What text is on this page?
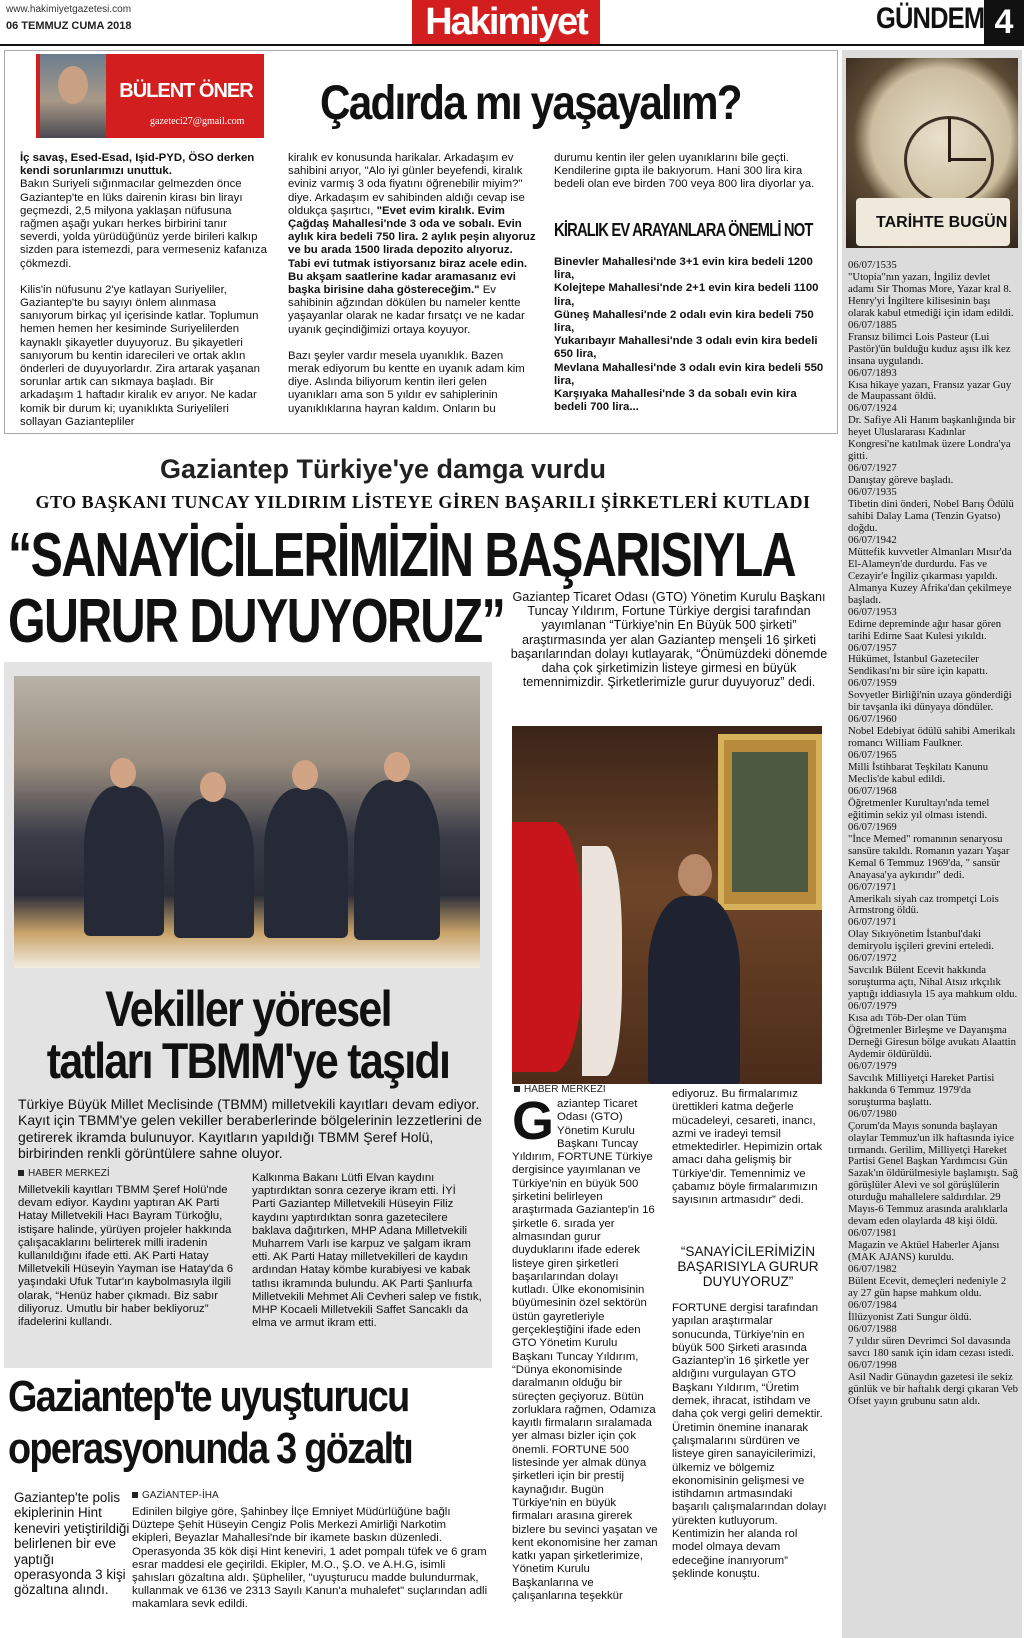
www.hakimiyetgazetesi.com
06 TEMMUZ CUMA 2018	Hakimiyet	GÜNDEM 4
BÜLENT ÖNER
gazeteci27@gmail.com Çadırda mı yaşayalım?

İç savaş, Esed-Esad, Işid-PYD, ÖSO derken kendi sorunlarımızı unuttuk.

Bakın Suriyeli sığınmacılar gelmezden önce Gaziantep'te en lüks dairenin kirası bin lirayı geçmezdi, 2,5 milyona yaklaşan nüfusuna rağmen aşağı yukarı herkes birbirini tanır severdi, yolda yürüdüğünüz yerde birileri kalkıp sizden para istemezdi, para vermeseniz kafanıza çökmezdi.

Kilis'in nüfusunu 2'ye katlayan Suriyeliler, Gaziantep'te bu sayıyı önlem alınmasa sanıyorum birkaç yıl içerisinde katlar. Toplumun hemen hemen her kesiminde Suriyelilerden kaynaklı şikayetler duyuyoruz. Bu şikayetleri sanıyorum bu kentin idarecileri ve ortak aklın önderleri de duyuyorlardır. Zira artarak yaşanan sorunlar artık can sıkmaya başladı. Bir arkadaşım 1 haftadır kiralık ev arıyor. Ne kadar komik bir durum ki; uyanıklıkta Suriyelileri sollayan Gaziantepliler

kiralık ev konusunda harikalar. Arkadaşım ev sahibini arıyor, "Alo iyi günler beyefendi, kiralık eviniz varmış 3 oda fiyatını öğrenebilir miyim?" diye. Arkadaşım ev sahibinden aldığı cevap ise oldukça şaşırtıcı, "Evet evim kiralık. Evim Çağdaş Mahallesi'nde 3 oda ve sobalı. Evin aylık kira bedeli 750 lira. 2 aylık peşin alıyoruz ve bu arada 1500 lirada depozito alıyoruz. Tabi evi tutmak istiyorsanız biraz acele edin. Bu akşam saatlerine kadar aramasanız evi başka birisine daha göstereceğim." Ev sahibinin ağzından dökülen bu nameler kentte yaşayanlar olarak ne kadar fırsatçı ve ne kadar uyanık geçindiğimizi ortaya koyuyor.

Bazı şeyler vardır mesela uyanıklık. Bazen merak ediyorum bu kentte en uyanık adam kim diye. Aslında biliyorum kentin ileri gelen uyanıkları ama son 5 yıldır ev sahiplerinin uyanıklıklarına hayran kaldım. Onların bu

durumu kentin iler gelen uyanıklarını bile geçti. Kendilerine gıpta ile bakıyorum. Hani 300 lira kira bedeli olan eve birden 700 veya 800 lira diyorlar ya.

KİRALIK EV ARAYANLARA ÖNEMLİ NOT
Binevler Mahallesi'nde 3+1 evin kira bedeli 1200 lira,
Kolejtepe Mahallesi'nde 2+1 evin kira bedeli 1100 lira,
Güneş Mahallesi'nde 2 odalı evin kira bedeli 750 lira,
Yukarıbayır Mahallesi'nde 3 odalı evin kira bedeli 650 lira,
Mevlana Mahallesi'nde 3 odalı evin kira bedeli 550 lira,
Karşıyaka Mahallesi'nde 3 da sobalı evin kira bedeli 700 lira...
Gaziantep Türkiye'ye damga vurdu
GTO BAŞKANI TUNCAY YILDIRIM LİSTEYE GİREN BAŞARILI ŞİRKETLERİ KUTLADI
“SANAYİCİLERİMİZİN BAŞARISIYLA
GURUR DUYUYORUZ” Gaziantep Ticaret Odası (GTO) Yönetim Kurulu Başkanı Tuncay Yıldırım, Fortune Türkiye dergisi tarafından yayımlanan “Türkiye'nin En Büyük 500 şirketi” araştırmasında yer alan Gaziantep menşeli 16 şirketi başarılarından dolayı kutlayarak, “Önümüzdeki dönemde daha çok şirketimizin listeye girmesi en büyük temennimizdir. Şirketlerimizle gurur duyuyoruz” dedi.
Vekiller yöresel
tatları TBMM'ye taşıdı
Türkiye Büyük Millet Meclisinde (TBMM) milletvekili kayıtları devam ediyor. Kayıt için TBMM'ye gelen vekiller beraberlerinde bölgelerinin lezzetlerini de getirerek ikramda bulunuyor. Kayıtların yapıldığı TBMM Şeref Holü, birbirinden renkli görüntülere sahne oluyor.
HABER MERKEZİ
Milletvekili kayıtları TBMM Şeref Holü'nde devam ediyor. Kaydını yaptıran AK Parti Hatay Milletvekili Hacı Bayram Türkoğlu, istişare halinde, yürüyen projeler hakkında çalışacaklarını belirterek milli iradenin kullanıldığını ifade etti. AK Parti Hatay Milletvekili Hüseyin Yayman ise Hatay'da 6 yaşındaki Ufuk Tutar'ın kaybolmasıyla ilgili olarak, “Henüz haber çıkmadı. Biz sabır diliyoruz. Umutlu bir haber bekliyoruz” ifadelerini kullandı.
Kalkınma Bakanı Lütfi Elvan kaydını yaptırdıktan sonra cezerye ikram etti. İYİ Parti Gaziantep Milletvekili Hüseyin Filiz kaydını yaptırdıktan sonra gazetecilere baklava dağıtırken, MHP Adana Milletvekili Muharrem Varlı ise karpuz ve şalgam ikram etti. AK Parti Hatay milletvekilleri de kaydın ardından Hatay kömbe kurabiyesi ve kabak tatlısı ikramında bulundu. AK Parti Şanlıurfa Milletvekili Mehmet Ali Cevheri salep ve fıstık, MHP Kocaeli Milletvekili Saffet Sancaklı da elma ve armut ikram etti.
HABER MERKEZİ
Gaziantep Ticaret Odası (GTO) Yönetim Kurulu Başkanı Tuncay Yıldırım, FORTUNE Türkiye dergisince yayımlanan ve Türkiye'nin en büyük 500 şirketini belirleyen araştırmada Gaziantep'in 16 şirketle 6. sırada yer almasından gurur duyduklarını ifade ederek listeye giren şirketleri başarılarından dolayı kutladı. Ülke ekonomisinin büyümesinin özel sektörün üstün gayretleriyle gerçekleştiğini ifade eden GTO Yönetim Kurulu Başkanı Tuncay Yıldırım, “Dünya ekonomisinde daralmanın olduğu bir süreçten geçiyoruz. Bütün zorluklara rağmen, Odamıza kayıtlı firmaların sıralamada yer alması bizler için çok önemli. FORTUNE 500 listesinde yer almak dünya şirketleri için bir prestij kaynağıdır. Bugün Türkiye'nin en büyük firmaları arasına girerek bizlere bu sevinci yaşatan ve kent ekonomisine her zaman katkı yapan şirketlerimize, Yönetim Kurulu Başkanlarına ve çalışanlarına teşekkür
ediyoruz. Bu firmalarımız ürettikleri katma değerle mücadeleyi, cesareti, inancı, azmi ve iradeyi temsil etmektedirler. Hepimizin ortak amacı daha gelişmiş bir Türkiye'dir. Temennimiz ve çabamız böyle firmalarımızın sayısının artmasıdır” dedi.
“SANAYİCİLERİMİZİN BAŞARISIYLA GURUR DUYUYORUZ”
FORTUNE dergisi tarafından yapılan araştırmalar sonucunda, Türkiye'nin en büyük 500 Şirketi arasında Gaziantep'in 16 şirketle yer aldığını vurgulayan GTO Başkanı Yıldırım, “Üretim demek, ihracat, istihdam ve daha çok vergi geliri demektir. Üretimin önemine inanarak çalışmalarını sürdüren ve listeye giren sanayicilerimizi, ülkemiz ve bölgemiz ekonomisinin gelişmesi ve istihdamın artmasındaki başarılı çalışmalarından dolayı yürekten kutluyorum. Kentimizin her alanda rol model olmaya devam edeceğine inanıyorum” şeklinde konuştu.
Gaziantep'te uyuşturucu
operasyonunda 3 gözaltı
Gaziantep'te polis ekiplerinin Hint keneviri yetiştirildiği belirlenen bir eve yaptığı operasyonda 3 kişi gözaltına alındı.
GAZİANTEP-İHA
Edinilen bilgiye göre, Şahinbey İlçe Emniyet Müdürlüğüne bağlı Düztepe Şehit Hüseyin Cengiz Polis Merkezi Amirliği Narkotim ekipleri, Beyazlar Mahallesi'nde bir ikamete baskın düzenledi. Operasyonda 35 kök dişi Hint keneviri, 1 adet pompalı tüfek ve 6 gram esrar maddesi ele geçirildi. Ekipler, M.O., Ş.O. ve A.H.G, isimli şahısları gözaltına aldı. Şüpheliler, "uyuşturucu madde bulundurmak, kullanmak ve 6136 ve 2313 Sayılı Kanun'a muhalefet" suçlarından adli makamlara sevk edildi.
TARİHTE BUGÜN
06/07/1535
"Utopia"nın yazarı, İngiliz devlet adamı Sir Thomas More, Yazar kral 8. Henry'yi İngiltere kilisesinin başı olarak kabul etmediği için idam edildi.
06/07/1885
Fransız bilimci Lois Pasteur (Lui Pastör)'ün bulduğu kuduz aşısı ilk kez insana uygulandı.
06/07/1893
Kısa hikaye yazarı, Fransız yazar Guy de Maupassant öldü.
06/07/1924
Dr. Safiye Ali Hanım başkanlığında bir heyet Uluslararası Kadınlar Kongresi'ne katılmak üzere Londra'ya gitti.
06/07/1927
Danıştay göreve başladı.
06/07/1935
Tibetin dini önderi, Nobel Barış Ödülü sahibi Dalay Lama (Tenzin Gyatso) doğdu.
06/07/1942
Müttefik kuvvetler Almanları Mısır'da El-Alameyn'de durdurdu. Fas ve Cezayir'e İngiliz çıkarması yapıldı. Almanya Kuzey Afrika'dan çekilmeye başladı.
06/07/1953
Edirne depreminde ağır hasar gören tarihi Edirne Saat Kulesi yıkıldı.
06/07/1957
Hükümet, İstanbul Gazeteciler Sendikası'nı bir süre için kapattı.
06/07/1959
Sovyetler Birliği'nin uzaya gönderdiği bir tavşanla iki dünyaya döndüler.
06/07/1960
Nobel Edebiyat ödülü sahibi Amerikalı romancı William Faulkner.
06/07/1965
Milli İstihbarat Teşkilatı Kanunu Meclis'de kabul edildi.
06/07/1968
Öğretmenler Kurultayı'nda temel eğitimin sekiz yıl olması istendi.
06/07/1969
"İnce Memed" romanının senaryosu sansüre takıldı. Romanın yazarı Yaşar Kemal 6 Temmuz 1969'da, " sansür Anayasa'ya aykırıdır" dedi.
06/07/1971
Amerikalı siyah caz trompetçi Lois Armstrong öldü.
06/07/1971
Olay Sıkıyönetim İstanbul'daki demiryolu işçileri grevini erteledi.
06/07/1972
Savcılık Bülent Ecevit hakkında soruşturma açtı, Nihal Atsız ırkçılık yaptığı iddiasıyla 15 aya mahkum oldu.
06/07/1979
Kısa adı Töb-Der olan Tüm Öğretmenler Birleşme ve Dayanışma Derneği Giresun bölge avukatı Alaattin Aydemir öldürüldü.
06/07/1979
Savcılık Milliyetçi Hareket Partisi hakkında 6 Temmuz 1979'da soruşturma başlattı.
06/07/1980
Çorum'da Mayıs sonunda başlayan olaylar Temmuz'un ilk haftasında iyice tırmandı. Gerilim, Milliyetçi Hareket Partisi Genel Başkan Yardımcısı Gün Sazak'ın öldürülmesiyle başlamıştı. Sağ görüşlüler Alevi ve sol görüşlülerin oturduğu mahallelere saldırdılar. 29 Mayıs-6 Temmuz arasında aralıklarla devam eden olaylarda 48 kişi öldü.
06/07/1981
Magazin ve Aktüel Haberler Ajansı (MAK AJANS) kuruldu.
06/07/1982
Bülent Ecevit, demeçleri nedeniyle 2 ay 27 gün hapse mahkum oldu.
06/07/1984
İllüzyonist Zati Sungur öldü.
06/07/1988
7 yıldır süren Devrimci Sol davasında savcı 180 sanık için idam cezası istedi.
06/07/1998
Asil Nadir Günaydın gazetesi ile sekiz günlük ve bir haftalık dergi çıkaran Veb Ofset yayın grubunu satın aldı.
